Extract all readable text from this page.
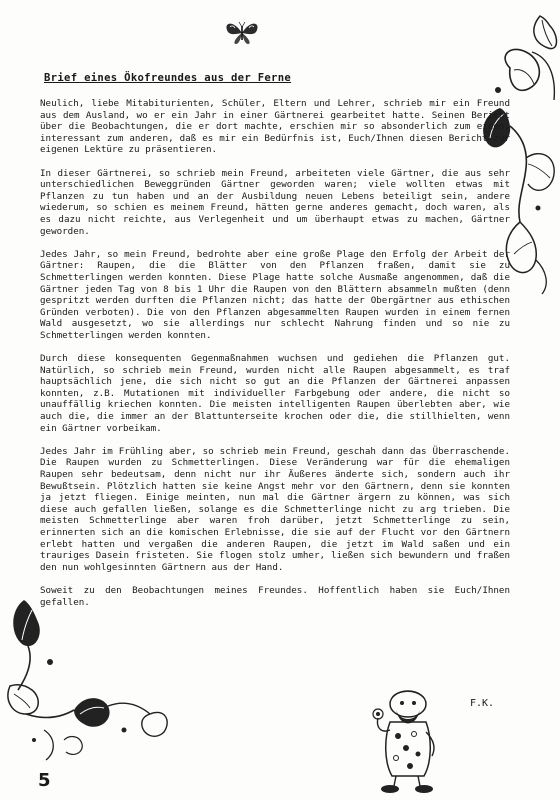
Brief eines Ökofreundes aus der Ferne

Neulich, liebe Mitabiturienten, Schüler, Eltern und Lehrer, schrieb mir ein Freund aus dem Ausland, wo er ein Jahr in einer Gärtnerei gearbeitet hatte. Seinen Bericht über die Beobachtungen, die er dort machte, erschien mir so absonderlich zum einen, interessant zum anderen, daß es mir ein Bedürfnis ist, Euch/Ihnen diesen Bericht zur eigenen Lektüre zu präsentieren.

In dieser Gärtnerei, so schrieb mein Freund, arbeiteten viele Gärtner, die aus sehr unterschiedlichen Beweggründen Gärtner geworden waren; viele wollten etwas mit Pflanzen zu tun haben und an der Ausbildung neuen Lebens beteiligt sein, andere wiederum, so schien es meinem Freund, hätten gerne anderes gemacht, doch waren, als es dazu nicht reichte, aus Verlegenheit und um überhaupt etwas zu machen, Gärtner geworden.

Jedes Jahr, so mein Freund, bedrohte aber eine große Plage den Erfolg der Arbeit der Gärtner: Raupen, die die Blätter von den Pflanzen fraßen, damit sie zu Schmetterlingen werden konnten. Diese Plage hatte solche Ausmaße angenommen, daß die Gärtner jeden Tag von 8 bis 1 Uhr die Raupen von den Blättern absammeln mußten (denn gespritzt werden durften die Pflanzen nicht; das hatte der Obergärtner aus ethischen Gründen verboten). Die von den Pflanzen abgesammelten Raupen wurden in einem fernen Wald ausgesetzt, wo sie allerdings nur schlecht Nahrung finden und so nie zu Schmetterlingen werden konnten.

Durch diese konsequenten Gegenmaßnahmen wuchsen und gediehen die Pflanzen gut. Natürlich, so schrieb mein Freund, wurden nicht alle Raupen abgesammelt, es traf hauptsächlich jene, die sich nicht so gut an die Pflanzen der Gärtnerei anpassen konnten, z.B. Mutationen mit individueller Farbgebung oder andere, die nicht so unauffällig kriechen konnten. Die meisten intelligenten Raupen überlebten aber, wie auch die, die immer an der Blattunterseite krochen oder die, die stillhielten, wenn ein Gärtner vorbeikam.

Jedes Jahr im Frühling aber, so schrieb mein Freund, geschah dann das Überraschende. Die Raupen wurden zu Schmetterlingen. Diese Veränderung war für die ehemaligen Raupen sehr bedeutsam, denn nicht nur ihr Äußeres änderte sich, sondern auch ihr Bewußtsein. Plötzlich hatten sie keine Angst mehr vor den Gärtnern, denn sie konnten ja jetzt fliegen. Einige meinten, nun mal die Gärtner ärgern zu können, was sich diese auch gefallen ließen, solange es die Schmetterlinge nicht zu arg trieben. Die meisten Schmetterlinge aber waren froh darüber, jetzt Schmetterlinge zu sein, erinnerten sich an die komischen Erlebnisse, die sie auf der Flucht vor den Gärtnern erlebt hatten und vergaßen die anderen Raupen, die jetzt im Wald saßen und ein trauriges Dasein fristeten. Sie flogen stolz umher, ließen sich bewundern und fraßen den nun wohlgesinnten Gärtnern aus der Hand.

Soweit zu den Beobachtungen meines Freundes. Hoffentlich haben sie Euch/Ihnen gefallen.

F.K.
5
